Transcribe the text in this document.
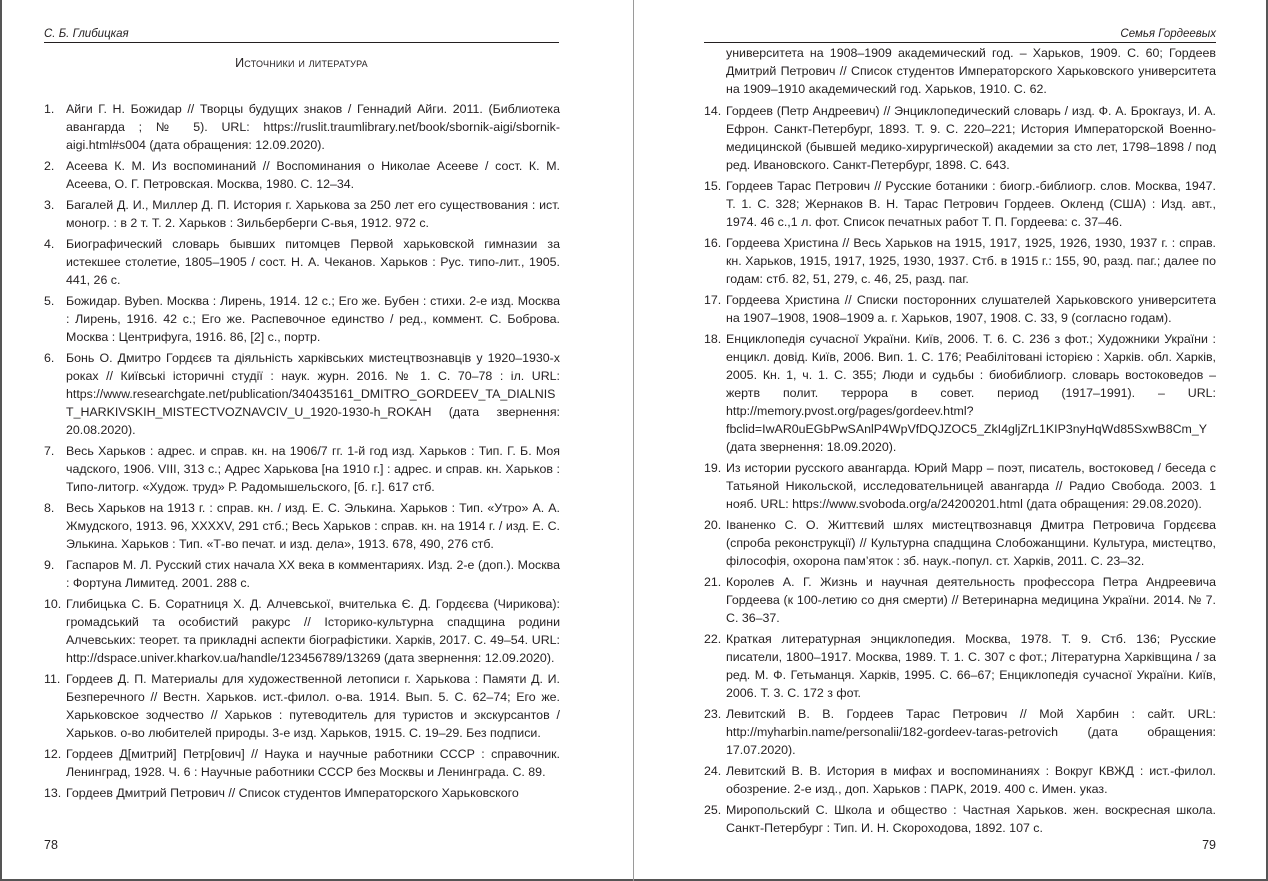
С. Б. Глибицкая
Источники и литература
1. Айги Г. Н. Божидар // Творцы будущих знаков / Геннадий Айги. 2011. (Библиотека авангарда ; № 5). URL: https://ruslit.traumlibrary.net/book/sbornik-aigi/sbornik-aigi.html#s004 (дата обращения: 12.09.2020).
2. Асеева К. М. Из воспоминаний // Воспоминания о Николае Асееве / сост. К. М. Асеева, О. Г. Петровская. Москва, 1980. С. 12–34.
3. Багалей Д. И., Миллер Д. П. История г. Харькова за 250 лет его существования : ист. моногр. : в 2 т. Т. 2. Харьков : Зильберберги С-вья, 1912. 972 с.
4. Биографический словарь бывших питомцев Первой харьковской гимназии за истекшее столетие, 1805–1905 / сост. Н. А. Чеканов. Харьков : Рус. типо-лит., 1905. 441, 26 с.
5. Божидар. Byben. Москва : Лирень, 1914. 12 с.; Его же. Бубен : стихи. 2-е изд. Москва : Лирень, 1916. 42 с.; Его же. Распевочное единство / ред., коммент. С. Боброва. Москва : Центрифуга, 1916. 86, [2] с., портр.
6. Бонь О. Дмитро Гордєєв та діяльність харківських мистецтвознавців у 1920–1930-х роках // Київські історичні студії : наук. журн. 2016. № 1. С. 70–78 : іл. URL: https://www.researchgate.net/publication/340435161_DMITRO_GORDEEV_TA_DIALNIST_HARKIVSKIH_MISTECTVOZNAVCIV_U_1920-1930-h_ROKAH (дата звернення: 20.08.2020).
7. Весь Харьков : адрес. и справ. кн. на 1906/7 гг. 1-й год изд. Харьков : Тип. Г. Б. Моя чадского, 1906. VIII, 313 с.; Адрес Харькова [на 1910 г.] : адрес. и справ. кн. Харьков : Типо-литогр. «Худож. труд» Р. Радомышельского, [б. г.]. 617 стб.
8. Весь Харьков на 1913 г. : справ. кн. / изд. Е. С. Элькина. Харьков : Тип. «Утро» А. А. Жмудского, 1913. 96, XXXXV, 291 стб.; Весь Харьков : справ. кн. на 1914 г. / изд. Е. С. Элькина. Харьков : Тип. «Т-во печат. и изд. дела», 1913. 678, 490, 276 стб.
9. Гаспаров М. Л. Русский стих начала XX века в комментариях. Изд. 2-е (доп.). Москва : Фортуна Лимитед. 2001. 288 с.
10. Глибицька С. Б. Соратниця Х. Д. Алчевської, вчителька Є. Д. Гордєєва (Чирикова): громадський та особистий ракурс // Історико-культурна спадщина родини Алчевських: теорет. та прикладні аспекти біографістики. Харків, 2017. С. 49–54. URL: http://dspace.univer.kharkov.ua/handle/123456789/13269 (дата звернення: 12.09.2020).
11. Гордеев Д. П. Материалы для художественной летописи г. Харькова : Памяти Д. И. Безперечного // Вестн. Харьков. ист.-филол. о-ва. 1914. Вып. 5. С. 62–74; Его же. Харьковское зодчество // Харьков : путеводитель для туристов и экскурсантов / Харьков. о-во любителей природы. 3-е изд. Харьков, 1915. С. 19–29. Без подписи.
12. Гордеев Д[митрий] Петр[ович] // Наука и научные работники СССР : справочник. Ленинград, 1928. Ч. 6 : Научные работники СССР без Москвы и Ленинграда. С. 89.
13. Гордеев Дмитрий Петрович // Список студентов Императорского Харьковского
78
Семья Гордеевых
университета на 1908–1909 академический год. – Харьков, 1909. С. 60; Гордеев Дмитрий Петрович // Список студентов Императорского Харьковского университета на 1909–1910 академический год. Харьков, 1910. С. 62.
14. Гордеев (Петр Андреевич) // Энциклопедический словарь / изд. Ф. А. Брокгауз, И. А. Ефрон. Санкт-Петербург, 1893. Т. 9. С. 220–221; История Императорской Военно-медицинской (бывшей медико-хирургической) академии за сто лет, 1798–1898 / под ред. Ивановского. Санкт-Петербург, 1898. С. 643.
15. Гордеев Тарас Петрович // Русские ботаники : биогр.-библиогр. слов. Москва, 1947. Т. 1. С. 328; Жернаков В. Н. Тарас Петрович Гордеев. Окленд (США) : Изд. авт., 1974. 46 с.,1 л. фот. Список печатных работ Т. П. Гордеева: с. 37–46.
16. Гордеева Христина // Весь Харьков на 1915, 1917, 1925, 1926, 1930, 1937 г. : справ. кн. Харьков, 1915, 1917, 1925, 1930, 1937. Стб. в 1915 г.: 155, 90, разд. паг.; далее по годам: стб. 82, 51, 279, с. 46, 25, разд. паг.
17. Гордеева Христина // Списки посторонних слушателей Харьковского университета на 1907–1908, 1908–1909 а. г. Харьков, 1907, 1908. С. 33, 9 (согласно годам).
18. Енциклопедія сучасної України. Київ, 2006. Т. 6. С. 236 з фот.; Художники України : енцикл. довід. Київ, 2006. Вип. 1. С. 176; Реабілітовані історією : Харків. обл. Харків, 2005. Кн. 1, ч. 1. С. 355; Люди и судьбы : биобиблиогр. словарь востоковедов – жертв полит. террора в совет. период (1917–1991). – URL: http://memory.pvost.org/pages/gordeev.html?fbclid=IwAR0uEGbPwSAnlP4WpVfDQJZOC5_ZkI4gljZrL1KIP3nyHqWd85SxwB8Cm_Y (дата звернення: 18.09.2020).
19. Из истории русского авангарда. Юрий Марр – поэт, писатель, востоковед / беседа с Татьяной Никольской, исследовательницей авангарда // Радио Свобода. 2003. 1 нояб. URL: https://www.svoboda.org/a/24200201.html (дата обращения: 29.08.2020).
20. Іваненко С. О. Життєвий шлях мистецтвознавця Дмитра Петровича Гордєєва (спроба реконструкції) // Культурна спадщина Слобожанщини. Культура, мистецтво, філософія, охорона пам’яток : зб. наук.-попул. ст. Харків, 2011. С. 23–32.
21. Королев А. Г. Жизнь и научная деятельность профессора Петра Андреевича Гордеева (к 100-летию со дня смерти) // Ветеринарна медицина України. 2014. № 7. С. 36–37.
22. Краткая литературная энциклопедия. Москва, 1978. Т. 9. Стб. 136; Русские писатели, 1800–1917. Москва, 1989. Т. 1. С. 307 с фот.; Літературна Харківщина / за ред. М. Ф. Гетьманця. Харків, 1995. С. 66–67; Енциклопедія сучасної України. Київ, 2006. Т. 3. С. 172 з фот.
23. Левитский В. В. Гордеев Тарас Петрович // Мой Харбин : сайт. URL: http://myharbin.name/personalii/182-gordeev-taras-petrovich (дата обращения: 17.07.2020).
24. Левитский В. В. История в мифах и воспоминаниях : Вокруг КВЖД : ист.-филол. обозрение. 2-е изд., доп. Харьков : ПАРК, 2019. 400 с. Имен. указ.
25. Миропольский С. Школа и общество : Частная Харьков. жен. воскресная школа. Санкт-Петербург : Тип. И. Н. Скороходова, 1892. 107 с.
79
